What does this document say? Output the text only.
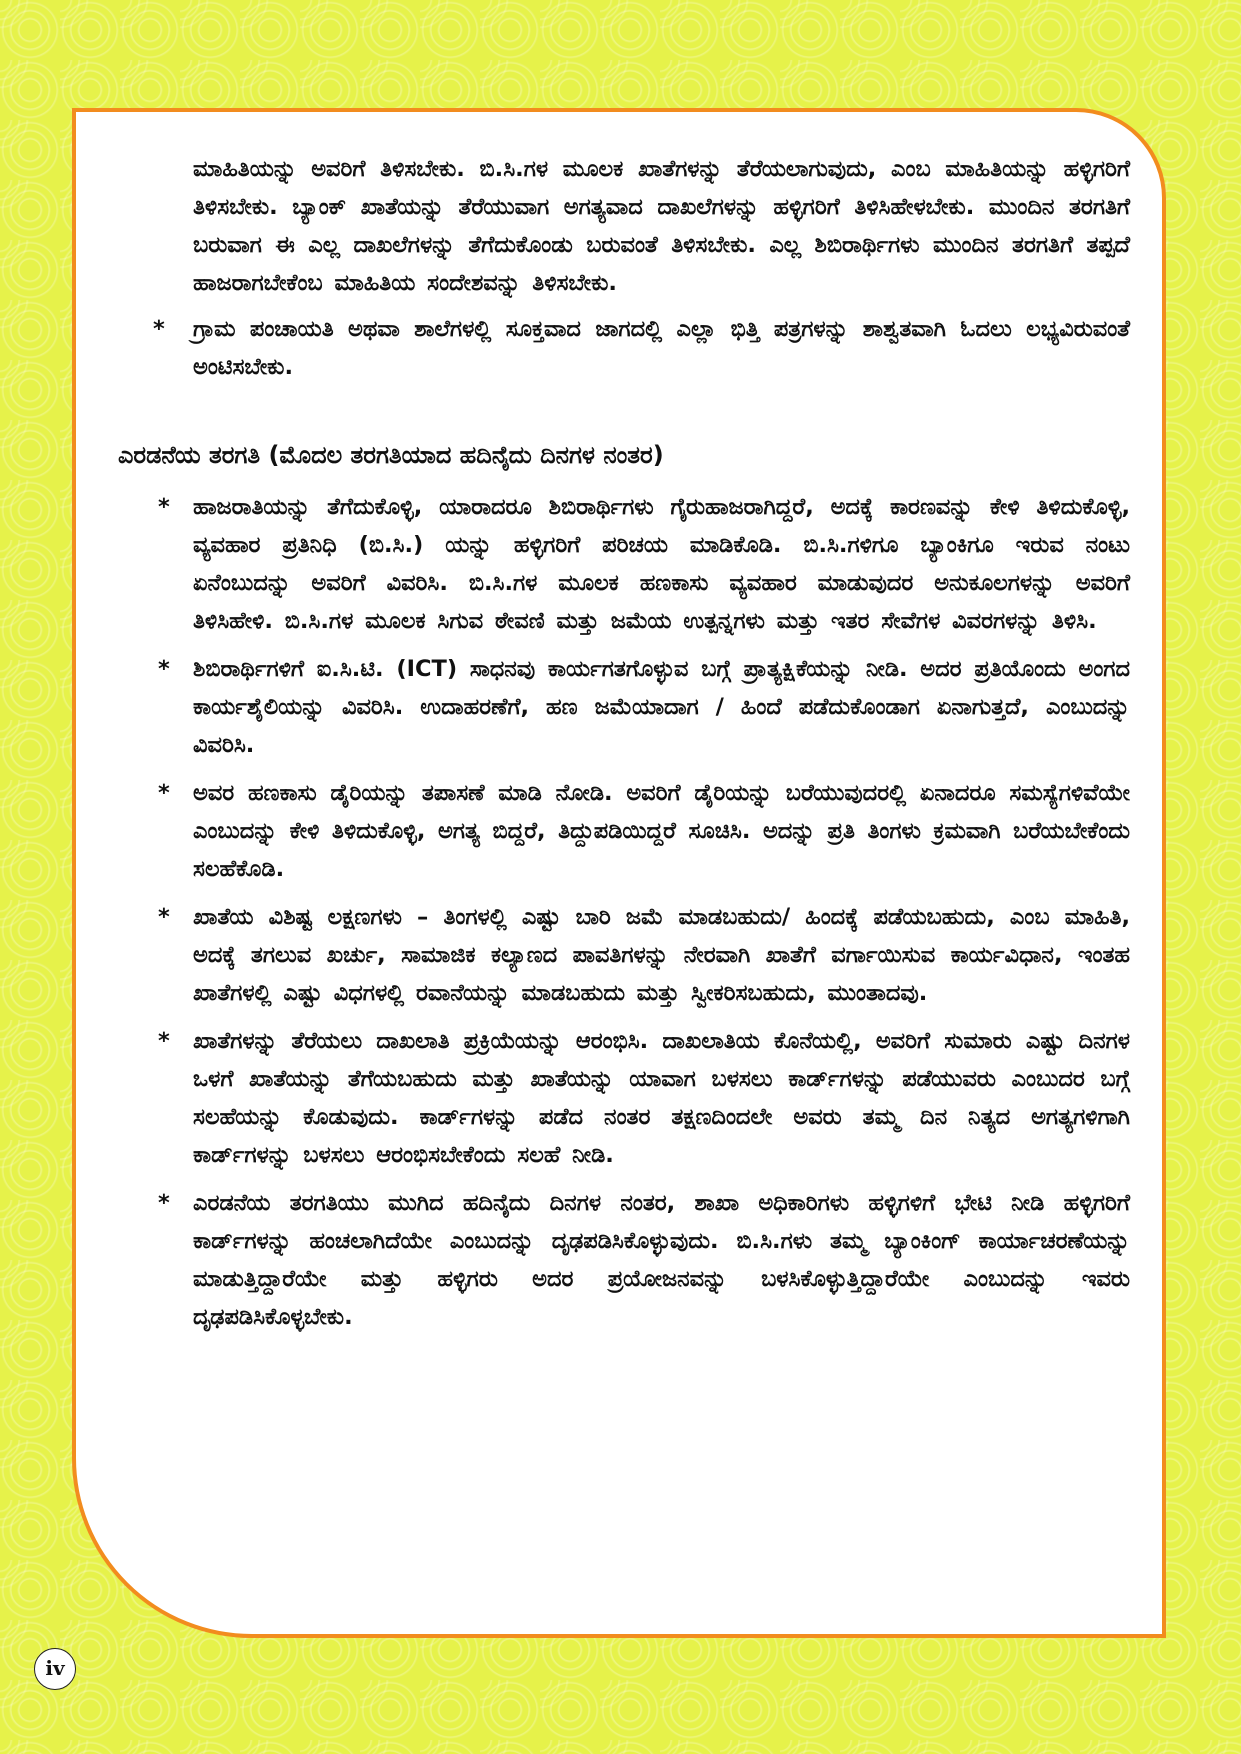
ಮಾಹಿತಿಯನ್ನು ಅವರಿಗೆ ತಿಳಿಸಬೇಕು. ಬಿ.ಸಿ.ಗಳ ಮೂಲಕ ಖಾತೆಗಳನ್ನು ತೆರೆಯಲಾಗುವುದು, ಎಂಬ ಮಾಹಿತಿಯನ್ನು ಹಳ್ಳಿಗರಿಗೆ ತಿಳಿಸಬೇಕು. ಬ್ಯಾಂಕ್ ಖಾತೆಯನ್ನು ತೆರೆಯುವಾಗ ಅಗತ್ಯವಾದ ದಾಖಲೆಗಳನ್ನು ಹಳ್ಳಿಗರಿಗೆ ತಿಳಿಸಿಹೇಳಬೇಕು. ಮುಂದಿನ ತರಗತಿಗೆ ಬರುವಾಗ ಈ ಎಲ್ಲ ದಾಖಲೆಗಳನ್ನು ತೆಗೆದುಕೊಂಡು ಬರುವಂತೆ ತಿಳಿಸಬೇಕು. ಎಲ್ಲ ಶಿಬಿರಾರ್ಥಿಗಳು ಮುಂದಿನ ತರಗತಿಗೆ ತಪ್ಪದೆ ಹಾಜರಾಗಬೇಕೆಂಬ ಮಾಹಿತಿಯ ಸಂದೇಶವನ್ನು ತಿಳಿಸಬೇಕು.

* ಗ್ರಾಮ ಪಂಚಾಯತಿ ಅಥವಾ ಶಾಲೆಗಳಲ್ಲಿ ಸೂಕ್ತವಾದ ಜಾಗದಲ್ಲಿ ಎಲ್ಲಾ ಭಿತ್ತಿ ಪತ್ರಗಳನ್ನು ಶಾಶ್ವತವಾಗಿ ಓದಲು ಲಭ್ಯವಿರುವಂತೆ ಅಂಟಿಸಬೇಕು.
ಎರಡನೆಯ ತರಗತಿ (ಮೊದಲ ತರಗತಿಯಾದ ಹದಿನೈದು ದಿನಗಳ ನಂತರ)
* ಹಾಜರಾತಿಯನ್ನು ತೆಗೆದುಕೊಳ್ಳಿ, ಯಾರಾದರೂ ಶಿಬಿರಾರ್ಥಿಗಳು ಗೈರುಹಾಜರಾಗಿದ್ದರೆ, ಅದಕ್ಕೆ ಕಾರಣವನ್ನು ಕೇಳಿ ತಿಳಿದುಕೊಳ್ಳಿ, ವ್ಯವಹಾರ ಪ್ರತಿನಿಧಿ (ಬಿ.ಸಿ.) ಯನ್ನು ಹಳ್ಳಿಗರಿಗೆ ಪರಿಚಯ ಮಾಡಿಕೊಡಿ. ಬಿ.ಸಿ.ಗಳಿಗೂ ಬ್ಯಾಂಕಿಗೂ ಇರುವ ನಂಟು ಏನೆಂಬುದನ್ನು ಅವರಿಗೆ ವಿವರಿಸಿ. ಬಿ.ಸಿ.ಗಳ ಮೂಲಕ ಹಣಕಾಸು ವ್ಯವಹಾರ ಮಾಡುವುದರ ಅನುಕೂಲಗಳನ್ನು ಅವರಿಗೆ ತಿಳಿಸಿಹೇಳಿ. ಬಿ.ಸಿ.ಗಳ ಮೂಲಕ ಸಿಗುವ ಠೇವಣಿ ಮತ್ತು ಜಮೆಯ ಉತ್ಪನ್ನಗಳು ಮತ್ತು ಇತರ ಸೇವೆಗಳ ವಿವರಗಳನ್ನು ತಿಳಿಸಿ.
* ಶಿಬಿರಾರ್ಥಿಗಳಿಗೆ ಐ.ಸಿ.ಟಿ. (ICT) ಸಾಧನವು ಕಾರ್ಯಗತಗೊಳ್ಳುವ ಬಗ್ಗೆ ಪ್ರಾತ್ಯಕ್ಷಿಕೆಯನ್ನು ನೀಡಿ. ಅದರ ಪ್ರತಿಯೊಂದು ಅಂಗದ ಕಾರ್ಯಶೈಲಿಯನ್ನು ವಿವರಿಸಿ. ಉದಾಹರಣೆಗೆ, ಹಣ ಜಮೆಯಾದಾಗ / ಹಿಂದೆ ಪಡೆದುಕೊಂಡಾಗ ಏನಾಗುತ್ತದೆ, ಎಂಬುದನ್ನು ವಿವರಿಸಿ.
* ಅವರ ಹಣಕಾಸು ಡೈರಿಯನ್ನು ತಪಾಸಣೆ ಮಾಡಿ ನೋಡಿ. ಅವರಿಗೆ ಡೈರಿಯನ್ನು ಬರೆಯುವುದರಲ್ಲಿ ಏನಾದರೂ ಸಮಸ್ಯೆಗಳಿವೆಯೇ ಎಂಬುದನ್ನು ಕೇಳಿ ತಿಳಿದುಕೊಳ್ಳಿ, ಅಗತ್ಯ ಬಿದ್ದರೆ, ತಿದ್ದುಪಡಿಯಿದ್ದರೆ ಸೂಚಿಸಿ. ಅದನ್ನು ಪ್ರತಿ ತಿಂಗಳು ಕ್ರಮವಾಗಿ ಬರೆಯಬೇಕೆಂದು ಸಲಹೆಕೊಡಿ.
* ಖಾತೆಯ ವಿಶಿಷ್ಟ ಲಕ್ಷಣಗಳು – ತಿಂಗಳಲ್ಲಿ ಎಷ್ಟು ಬಾರಿ ಜಮೆ ಮಾಡಬಹುದು/ ಹಿಂದಕ್ಕೆ ಪಡೆಯಬಹುದು, ಎಂಬ ಮಾಹಿತಿ, ಅದಕ್ಕೆ ತಗಲುವ ಖರ್ಚು, ಸಾಮಾಜಿಕ ಕಲ್ಯಾಣದ ಪಾವತಿಗಳನ್ನು ನೇರವಾಗಿ ಖಾತೆಗೆ ವರ್ಗಾಯಿಸುವ ಕಾರ್ಯವಿಧಾನ, ಇಂತಹ ಖಾತೆಗಳಲ್ಲಿ ಎಷ್ಟು ವಿಧಗಳಲ್ಲಿ ರವಾನೆಯನ್ನು ಮಾಡಬಹುದು ಮತ್ತು ಸ್ವೀಕರಿಸಬಹುದು, ಮುಂತಾದವು.
* ಖಾತೆಗಳನ್ನು ತೆರೆಯಲು ದಾಖಲಾತಿ ಪ್ರಕ್ರಿಯೆಯನ್ನು ಆರಂಭಿಸಿ. ದಾಖಲಾತಿಯ ಕೊನೆಯಲ್ಲಿ, ಅವರಿಗೆ ಸುಮಾರು ಎಷ್ಟು ದಿನಗಳ ಒಳಗೆ ಖಾತೆಯನ್ನು ತೆಗೆಯಬಹುದು ಮತ್ತು ಖಾತೆಯನ್ನು ಯಾವಾಗ ಬಳಸಲು ಕಾರ್ಡ್‌ಗಳನ್ನು ಪಡೆಯುವರು ಎಂಬುದರ ಬಗ್ಗೆ ಸಲಹೆಯನ್ನು ಕೊಡುವುದು. ಕಾರ್ಡ್‌ಗಳನ್ನು ಪಡೆದ ನಂತರ ತಕ್ಷಣದಿಂದಲೇ ಅವರು ತಮ್ಮ ದಿನ ನಿತ್ಯದ ಅಗತ್ಯಗಳಿಗಾಗಿ ಕಾರ್ಡ್‌ಗಳನ್ನು ಬಳಸಲು ಆರಂಭಿಸಬೇಕೆಂದು ಸಲಹೆ ನೀಡಿ.
* ಎರಡನೆಯ ತರಗತಿಯು ಮುಗಿದ ಹದಿನೈದು ದಿನಗಳ ನಂತರ, ಶಾಖಾ ಅಧಿಕಾರಿಗಳು ಹಳ್ಳಿಗಳಿಗೆ ಭೇಟಿ ನೀಡಿ ಹಳ್ಳಿಗರಿಗೆ ಕಾರ್ಡ್‌ಗಳನ್ನು ಹಂಚಲಾಗಿದೆಯೇ ಎಂಬುದನ್ನು ದೃಢಪಡಿಸಿಕೊಳ್ಳುವುದು. ಬಿ.ಸಿ.ಗಳು ತಮ್ಮ ಬ್ಯಾಂಕಿಂಗ್ ಕಾರ್ಯಾಚರಣೆಯನ್ನು ಮಾಡುತ್ತಿದ್ದಾರೆಯೇ ಮತ್ತು ಹಳ್ಳಿಗರು ಅದರ ಪ್ರಯೋಜನವನ್ನು ಬಳಸಿಕೊಳ್ಳುತ್ತಿದ್ದಾರೆಯೇ ಎಂಬುದನ್ನು ಇವರು ದೃಢಪಡಿಸಿಕೊಳ್ಳಬೇಕು.
iv
